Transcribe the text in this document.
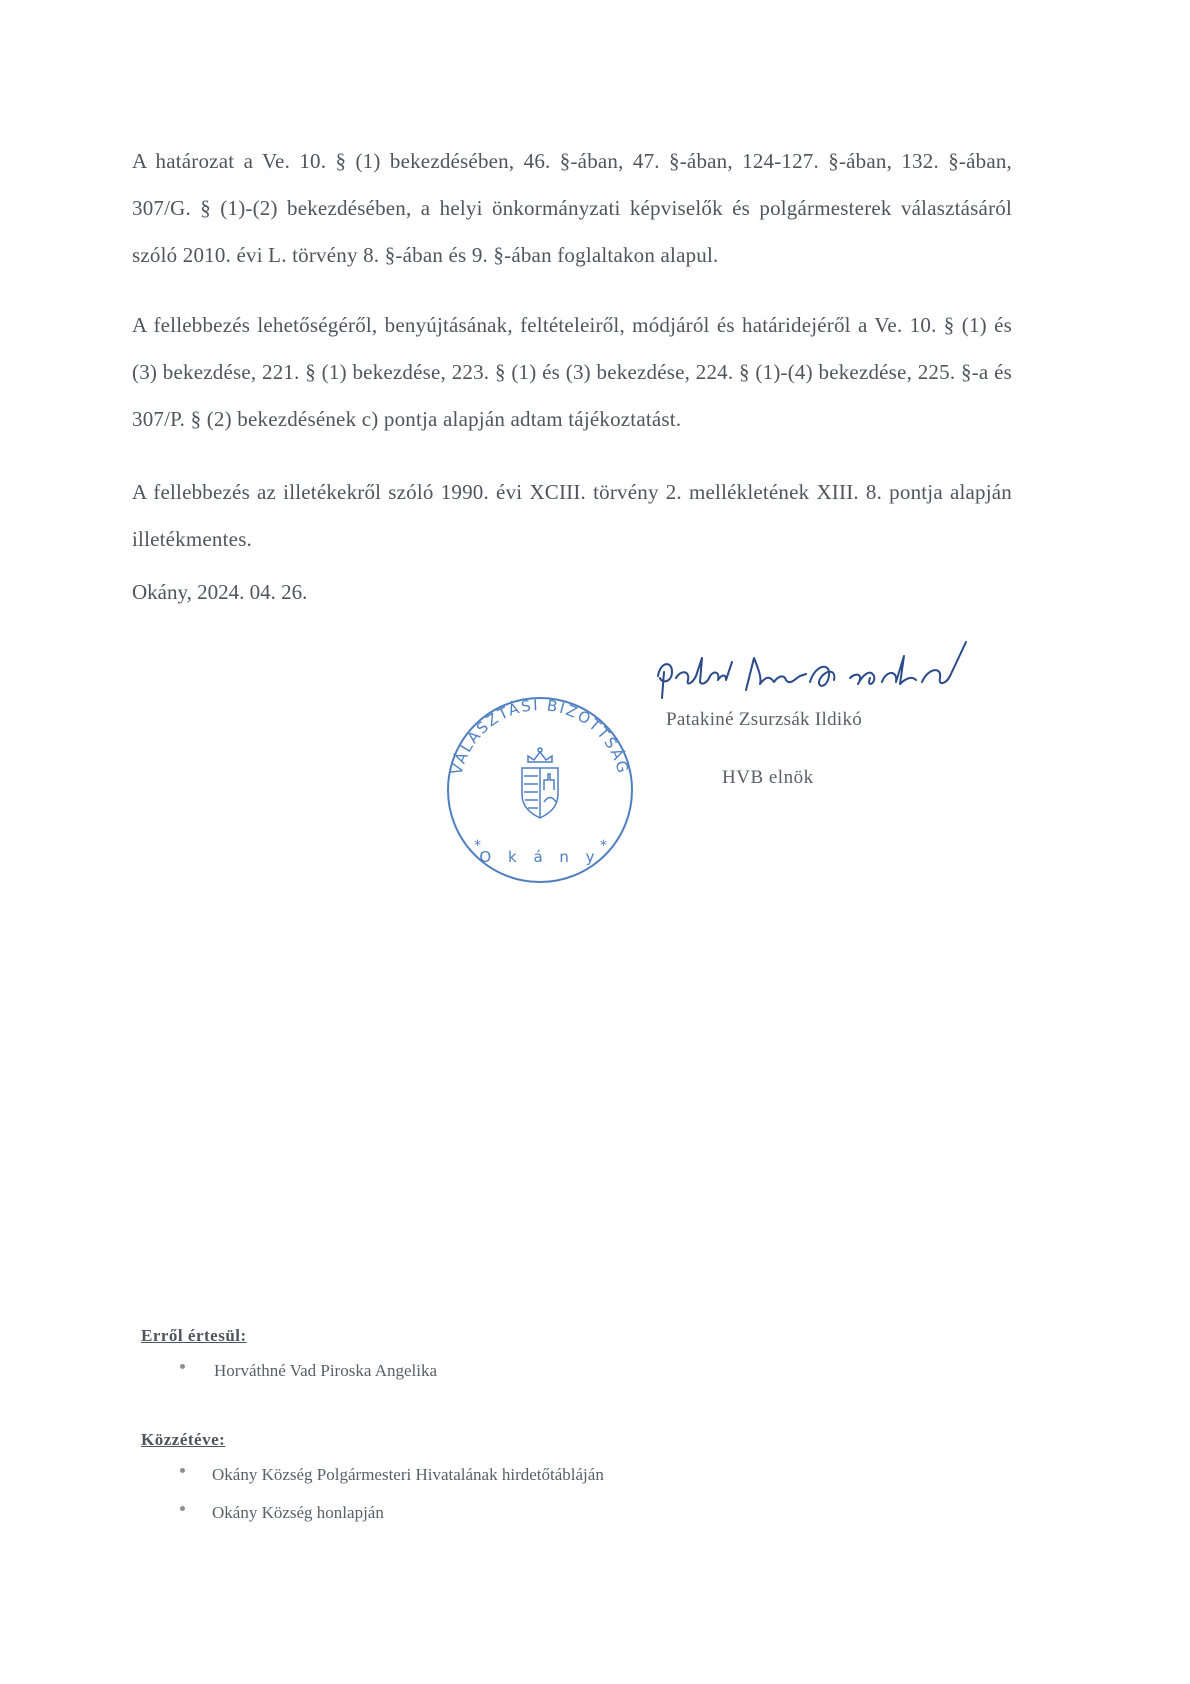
A határozat a Ve. 10. § (1) bekezdésében, 46. §-ában, 47. §-ában, 124-127. §-ában, 132. §-ában, 307/G. § (1)-(2) bekezdésében, a helyi önkormányzati képviselők és polgármesterek választásáról szóló 2010. évi L. törvény 8. §-ában és 9. §-ában foglaltakon alapul.

A fellebbezés lehetőségéről, benyújtásának, feltételeiről, módjáról és határidejéről a Ve. 10. § (1) és (3) bekezdése, 221. § (1) bekezdése, 223. § (1) és (3) bekezdése, 224. § (1)-(4) bekezdése, 225. §-a és 307/P. § (2) bekezdésének c) pontja alapján adtam tájékoztatást.

A fellebbezés az illetékekről szóló 1990. évi XCIII. törvény 2. mellékletének XIII. 8. pontja alapján illetékmentes.

Okány, 2024. 04. 26.
Patakiné Zsurzsák Ildikó
HVB elnök
VÁLASZTÁSI BIZOTTSÁG
O k á n y
*	*
Erről értesül:
Horváthné Vad Piroska Angelika
Közzétéve:
Okány Község Polgármesteri Hivatalának hirdetőtábláján
Okány Község honlapján
